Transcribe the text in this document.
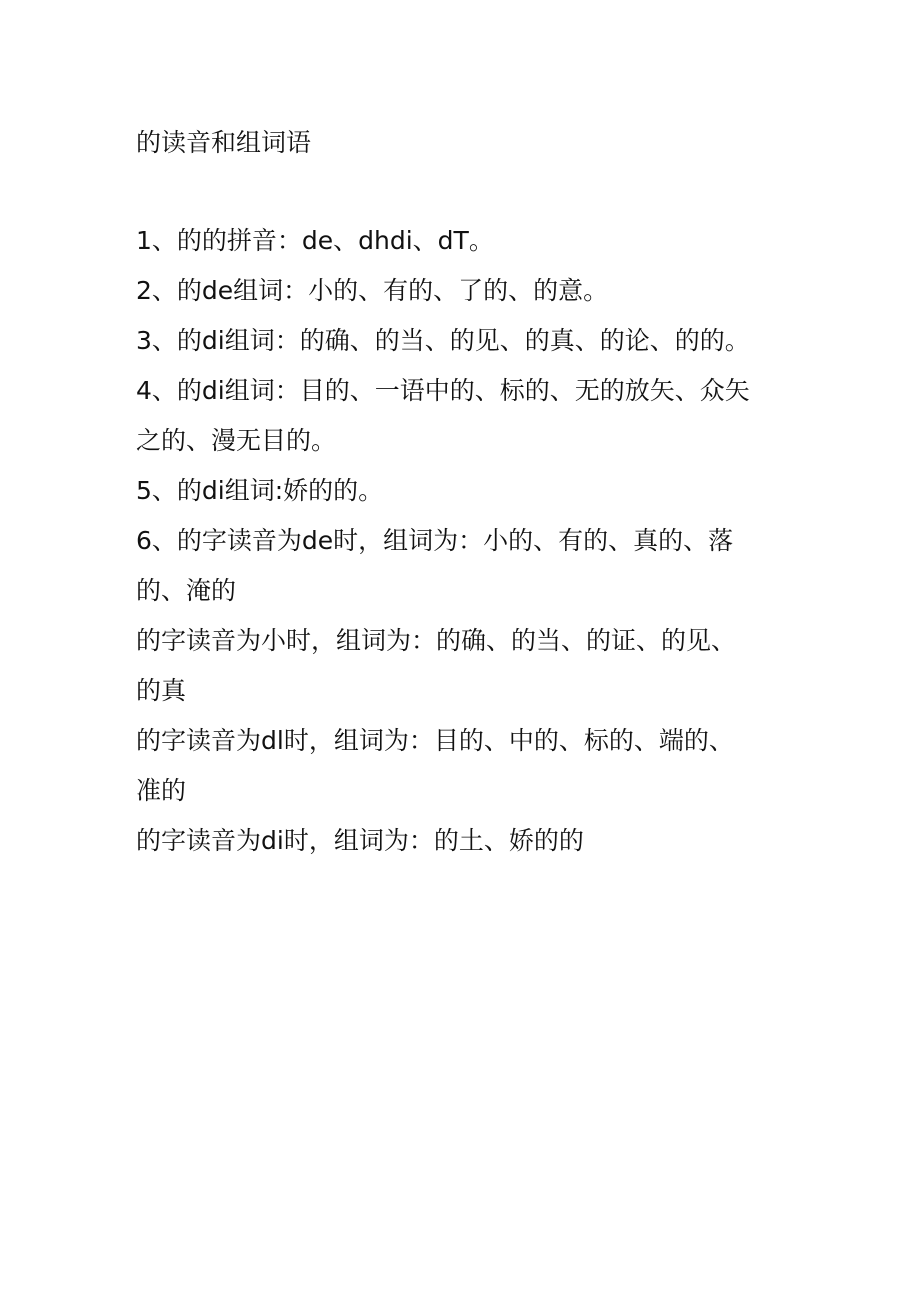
的读音和组词语

1、的的拼音：de、dhdi、dT。

2、的de组词：小的、有的、了的、的意。

3、的di组词：的确、的当、的见、的真、的论、的的。

4、的di组词：目的、一语中的、标的、无的放矢、众矢

之的、漫无目的。

5、的di组词:娇的的。

6、的字读音为de时，组词为：小的、有的、真的、落

的、淹的

的字读音为小时，组词为：的确、的当、的证、的见、

的真

的字读音为dl时，组词为：目的、中的、标的、端的、

准的

的字读音为di时，组词为：的土、娇的的
